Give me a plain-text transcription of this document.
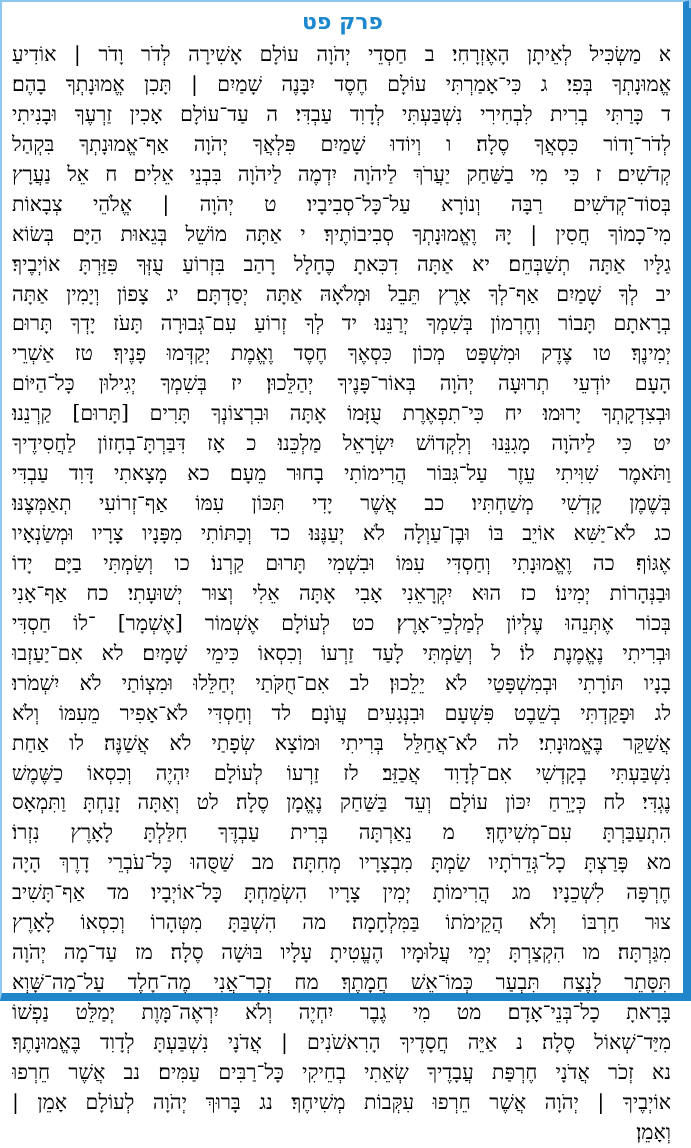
פרק פט
א מַשְׂכִּיל לְאֵיתָן הָאֶזְרָחִי׃ ב חַסְדֵי יְהֹוָה עוֹלָם אָשִׁירָה לְדֹר וָדֹר | אוֹדִיעַ
אֱמוּנָתְךָ בְּפִי׃ ג כִּי־אָמַרְתִּי עוֹלָם חֶסֶד יִבָּנֶה שָׁמַיִם | תָּכִן אֱמוּנָתְךָ בָהֶם׃
ד כָּרַתִּי בְרִית לִבְחִירִי נִשְׁבַּעְתִּי לְדָוִד עַבְדִּי׃ ה עַד־עוֹלָם אָכִין זַרְעֶךָ וּבָנִיתִי
לְדֹר־וָדוֹר כִּסְאֲךָ סֶלָה׃ ו וְיוֹדוּ שָׁמַיִם פִּלְאֲךָ יְהֹוָה אַף־אֱמוּנָתְךָ בִּקְהַל
קְדֹשִׁים׃ ז כִּי מִי בַשַּׁחַק יַעֲרֹךְ לַיהֹוָה יִדְמֶה לַיהֹוָה בִּבְנֵי אֵלִים׃ ח אֵל נַעֲרָץ
בְּסוֹד־קְדֹשִׁים רַבָּה וְנוֹרָא עַל־כָּל־סְבִיבָיו׃ ט יְהֹוָה | אֱלֹהֵי צְבָאוֹת
מִי־כָמוֹךָ חֲסִין | יָהּ וֶאֱמוּנָתְךָ סְבִיבוֹתֶיךָ׃ י אַתָּה מוֹשֵׁל בְּגֵאוּת הַיָּם בְּשׂוֹא
גַלָּיו אַתָּה תְשַׁבְּחֵם׃ יא אַתָּה דִכִּאתָ כֶחָלָל רָהַב בִּזְרוֹעַ עֻזְּךָ פִּזַּרְתָּ אוֹיְבֶיךָ׃
יב לְךָ שָׁמַיִם אַף־לְךָ אָרֶץ תֵּבֵל וּמְלֹאָהּ אַתָּה יְסַדְתָּם׃ יג צָפוֹן וְיָמִין אַתָּה
בְרָאתָם תָּבוֹר וְחֶרְמוֹן בְּשִׁמְךָ יְרַנֵּנוּ׃ יד לְךָ זְרוֹעַ עִם־גְּבוּרָה תָּעֹז יָדְךָ תָּרוּם
יְמִינֶךָ׃ טו צֶדֶק וּמִשְׁפָּט מְכוֹן כִּסְאֶךָ חֶסֶד וֶאֱמֶת יְקַדְּמוּ פָנֶיךָ׃ טז אַשְׁרֵי
הָעָם יוֹדְעֵי תְרוּעָה יְהֹוָה בְּאוֹר־פָּנֶיךָ יְהַלֵּכוּן׃ יז בְּשִׁמְךָ יְגִילוּן כָּל־הַיּוֹם
וּבְצִדְקָתְךָ יָרוּמוּ׃ יח כִּי־תִפְאֶרֶת עֻזָּמוֹ אָתָּה וּבִרְצוֹנְךָ תָּרִים [תָּרוּם] קַרְנֵנוּ׃
יט כִּי לַיהֹוָה מָגִנֵּנוּ וְלִקְדוֹשׁ יִשְׂרָאֵל מַלְכֵּנוּ׃ כ אָז דִּבַּרְתָּ־בְחָזוֹן לַחֲסִידֶיךָ
וַתֹּאמֶר שִׁוִּיתִי עֵזֶר עַל־גִּבּוֹר הֲרִימוֹתִי בָחוּר מֵעָם׃ כא מָצָאתִי דָּוִד עַבְדִּי
בְּשֶׁמֶן קָדְשִׁי מְשַׁחְתִּיו׃ כב אֲשֶׁר יָדִי תִּכּוֹן עִמּוֹ אַף־זְרוֹעִי תְאַמְּצֶנּוּ׃
כג לֹא־יַשִּׁא אוֹיֵב בּוֹ וּבֶן־עַוְלָה לֹא יְעַנֶּנּוּ׃ כד וְכַתּוֹתִי מִפָּנָיו צָרָיו וּמְשַׂנְאָיו
אֶגּוֹף׃ כה וֶאֱמוּנָתִי וְחַסְדִּי עִמּוֹ וּבִשְׁמִי תָּרוּם קַרְנוֹ׃ כו וְשַׂמְתִּי בַיָּם יָדוֹ
וּבַנְּהָרוֹת יְמִינוֹ׃ כז הוּא יִקְרָאֵנִי אָבִי אָתָּה אֵלִי וְצוּר יְשׁוּעָתִי׃ כח אַף־אָנִי
בְּכוֹר אֶתְּנֵהוּ עֶלְיוֹן לְמַלְכֵי־אָרֶץ׃ כט לְעוֹלָם אֶשְׁמוֹר [אֶשְׁמָר] ־לוֹ חַסְדִּי
וּבְרִיתִי נֶאֱמֶנֶת לוֹ׃ ל וְשַׂמְתִּי לָעַד זַרְעוֹ וְכִסְאוֹ כִּימֵי שָׁמָיִם׃ לא אִם־יַעַזְבוּ
בָנָיו תּוֹרָתִי וּבְמִשְׁפָּטַי לֹא יֵלֵכוּן׃ לב אִם־חֻקֹּתַי יְחַלֵּלוּ וּמִצְוֹתַי לֹא יִשְׁמֹרוּ׃
לג וּפָקַדְתִּי בְשֵׁבֶט פִּשְׁעָם וּבִנְגָעִים עֲוֺנָם׃ לד וְחַסְדִּי לֹא־אָפִיר מֵעִמּוֹ וְלֹא
אֲשַׁקֵּר בֶּאֱמוּנָתִי׃ לה לֹא־אֲחַלֵּל בְּרִיתִי וּמוֹצָא שְׂפָתַי לֹא אֲשַׁנֶּה׃ לו אַחַת
נִשְׁבַּעְתִּי בְקָדְשִׁי אִם־לְדָוִד אֲכַזֵּב׃ לז זַרְעוֹ לְעוֹלָם יִהְיֶה וְכִסְאוֹ כַשֶּׁמֶשׁ
נֶגְדִּי׃ לח כְּיָרֵחַ יִכּוֹן עוֹלָם וְעֵד בַּשַּׁחַק נֶאֱמָן סֶלָה׃ לט וְאַתָּה זָנַחְתָּ וַתִּמְאָס
הִתְעַבַּרְתָּ עִם־מְשִׁיחֶךָ׃ מ נֵאַרְתָּה בְּרִית עַבְדֶּךָ חִלַּלְתָּ לָאָרֶץ נִזְרוֹ׃
מא פָּרַצְתָּ כָל־גְּדֵרֹתָיו שַׂמְתָּ מִבְצָרָיו מְחִתָּה׃ מב שַׁסֻּהוּ כָּל־עֹבְרֵי דָרֶךְ הָיָה
חֶרְפָּה לִשְׁכֵנָיו׃ מג הֲרִימוֹתָ יְמִין צָרָיו הִשְׂמַחְתָּ כָּל־אוֹיְבָיו׃ מד אַף־תָּשִׁיב
צוּר חַרְבּוֹ וְלֹא הֲקֵימֹתוֹ בַּמִּלְחָמָה׃ מה הִשְׁבַּתָּ מִטְּהָרוֹ וְכִסְאוֹ לָאָרֶץ
מִגַּרְתָּה׃ מו הִקְצַרְתָּ יְמֵי עֲלוּמָיו הֶעֱטִיתָ עָלָיו בּוּשָׁה סֶלָה׃ מז עַד־מָה יְהֹוָה
תִּסָּתֵר לָנֶצַח תִּבְעַר כְּמוֹ־אֵשׁ חֲמָתֶךָ׃ מח זְכָר־אֲנִי מֶה־חָלֶד עַל־מַה־שָּׁוְא
בָּרָאתָ כָל־בְּנֵי־אָדָם׃ מט מִי גֶבֶר יִחְיֶה וְלֹא יִרְאֶה־מָּוֶת יְמַלֵּט נַפְשׁוֹ
מִיַּד־שְׁאוֹל סֶלָה׃ נ אַיֵּה חֲסָדֶיךָ הָרִאשֹׁנִים | אֲדֹנָי נִשְׁבַּעְתָּ לְדָוִד בֶּאֱמוּנָתֶךָ׃
נא זְכֹר אֲדֹנָי חֶרְפַּת עֲבָדֶיךָ שְׂאֵתִי בְחֵיקִי כָּל־רַבִּים עַמִּים׃ נב אֲשֶׁר חֵרְפוּ
אוֹיְבֶיךָ | יְהֹוָה אֲשֶׁר חֵרְפוּ עִקְּבוֹת מְשִׁיחֶךָ׃ נג בָּרוּךְ יְהֹוָה לְעוֹלָם אָמֵן |
וְאָמֵן׃
